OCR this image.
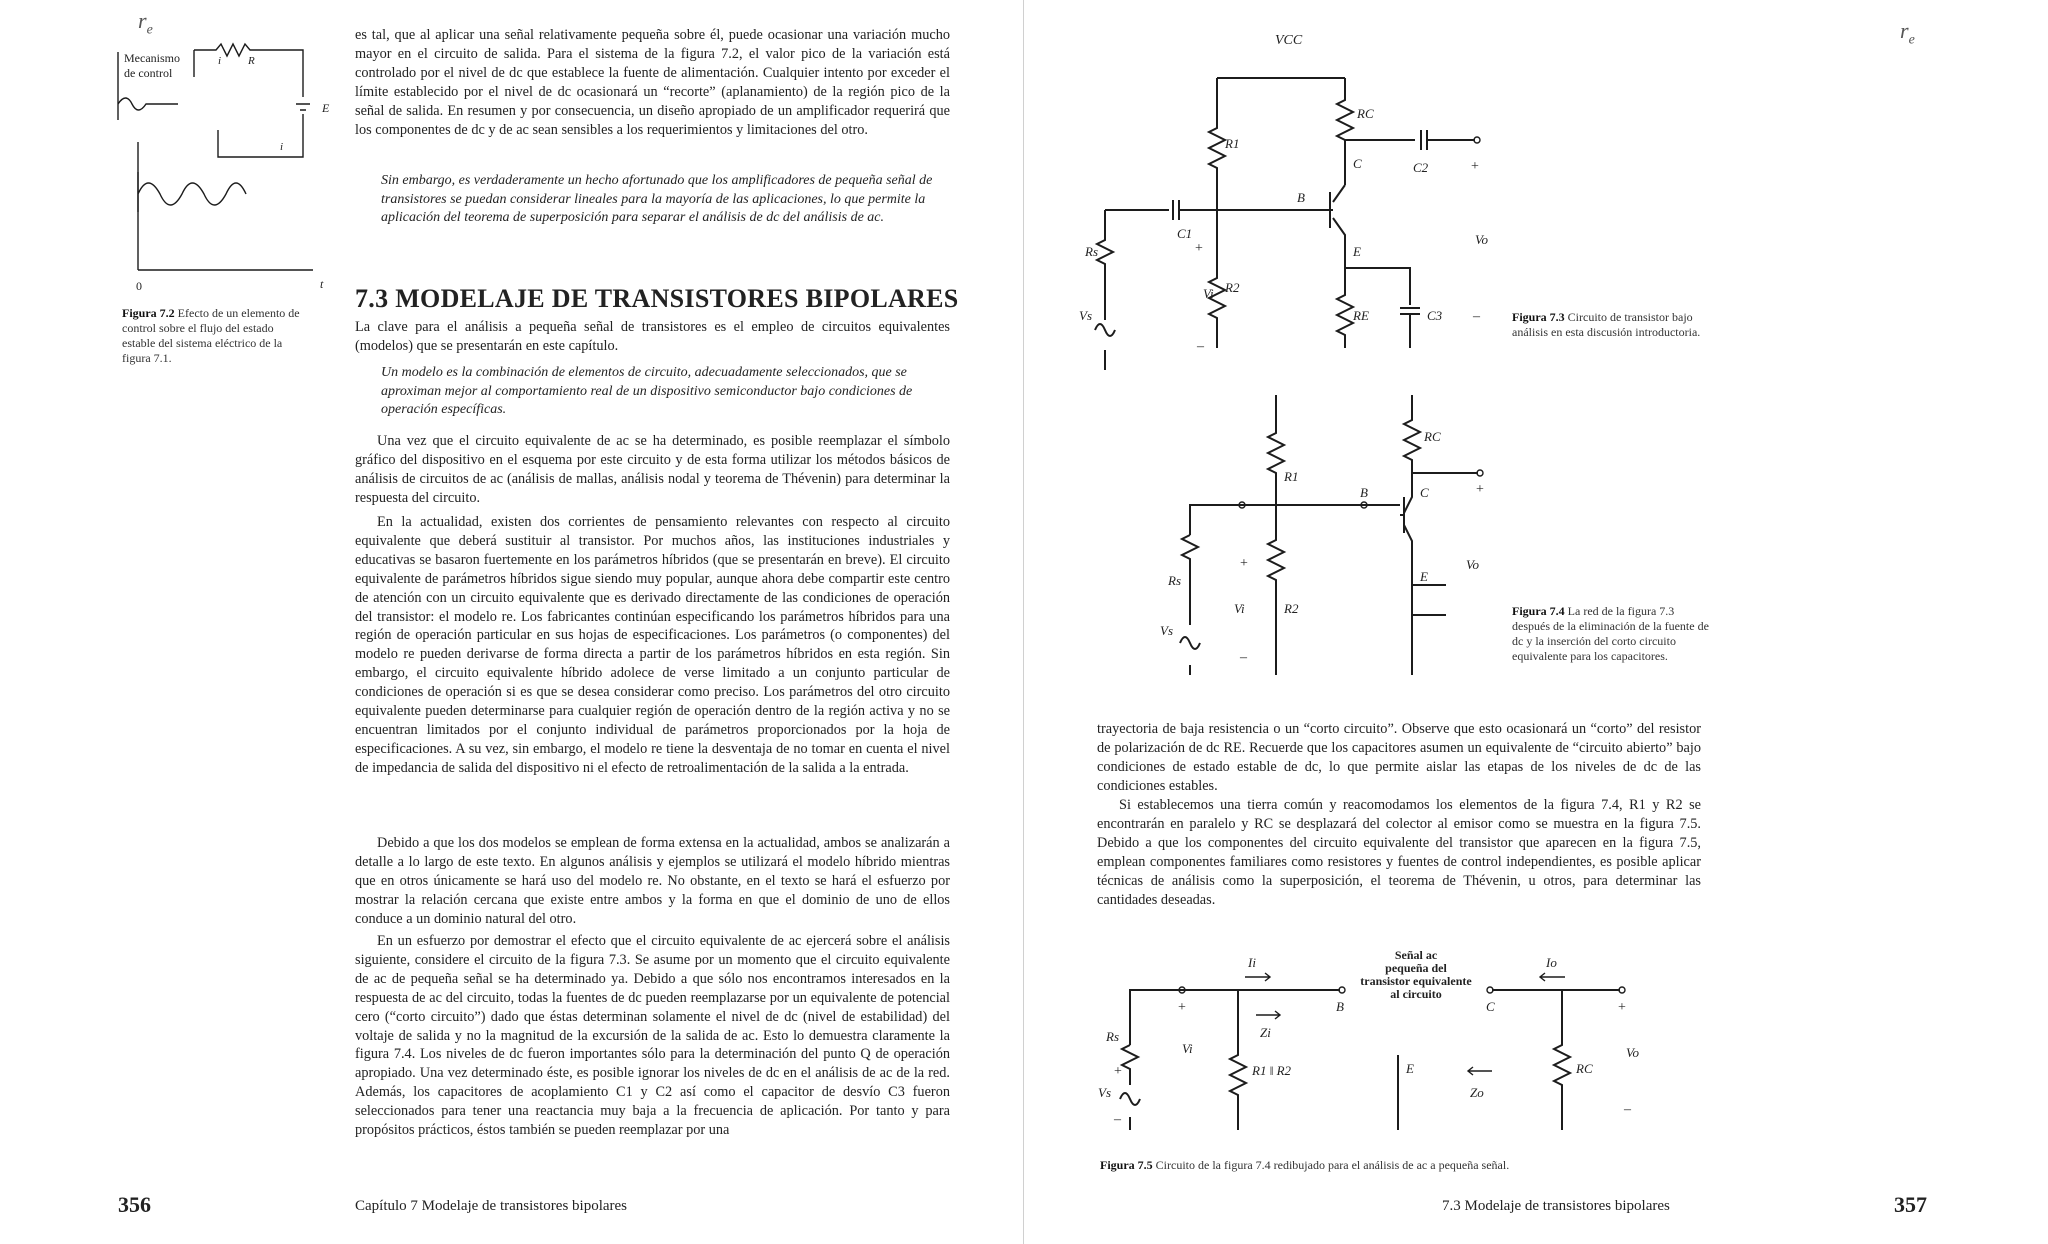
$r_e$
Mecanismo
de control
R
i
E
i
0	t
Figura 7.2 Efecto de un elemento de control sobre el flujo del estado estable del sistema eléctrico de la figura 7.1.

es tal, que al aplicar una señal relativamente pequeña sobre él, puede ocasionar una variación mucho mayor en el circuito de salida. Para el sistema de la figura 7.2, el valor pico de la variación está controlado por el nivel de dc que establece la fuente de alimentación. Cualquier intento por exceder el límite establecido por el nivel de dc ocasionará un “recorte” (aplanamiento) de la región pico de la señal de salida. En resumen y por consecuencia, un diseño apropiado de un amplificador requerirá que los componentes de dc y de ac sean sensibles a los requerimientos y limitaciones del otro.

Sin embargo, es verdaderamente un hecho afortunado que los amplificadores de pequeña señal de transistores se puedan considerar lineales para la mayoría de las aplicaciones, lo que permite la aplicación del teorema de superposición para separar el análisis de dc del análisis de ac.

7.3 MODELAJE DE TRANSISTORES BIPOLARES

La clave para el análisis a pequeña señal de transistores es el empleo de circuitos equivalentes (modelos) que se presentarán en este capítulo.

Un modelo es la combinación de elementos de circuito, adecuadamente seleccionados, que se aproximan mejor al comportamiento real de un dispositivo semiconductor bajo condiciones de operación específicas.

Una vez que el circuito equivalente de ac se ha determinado, es posible reemplazar el símbolo gráfico del dispositivo en el esquema por este circuito y de esta forma utilizar los métodos básicos de análisis de circuitos de ac (análisis de mallas, análisis nodal y teorema de Thévenin) para determinar la respuesta del circuito.

En la actualidad, existen dos corrientes de pensamiento relevantes con respecto al circuito equivalente que deberá sustituir al transistor. Por muchos años, las instituciones industriales y educativas se basaron fuertemente en los parámetros híbridos (que se presentarán en breve). El circuito equivalente de parámetros híbridos sigue siendo muy popular, aunque ahora debe compartir este centro de atención con un circuito equivalente que es derivado directamente de las condiciones de operación del transistor: el modelo re. Los fabricantes continúan especificando los parámetros híbridos para una región de operación particular en sus hojas de especificaciones. Los parámetros (o componentes) del modelo re pueden derivarse de forma directa a partir de los parámetros híbridos en esta región. Sin embargo, el circuito equivalente híbrido adolece de verse limitado a un conjunto particular de condiciones de operación si es que se desea considerar como preciso. Los parámetros del otro circuito equivalente pueden determinarse para cualquier región de operación dentro de la región activa y no se encuentran limitados por el conjunto individual de parámetros proporcionados por la hoja de especificaciones. A su vez, sin embargo, el modelo re tiene la desventaja de no tomar en cuenta el nivel de impedancia de salida del dispositivo ni el efecto de retroalimentación de la salida a la entrada.

Debido a que los dos modelos se emplean de forma extensa en la actualidad, ambos se analizarán a detalle a lo largo de este texto. En algunos análisis y ejemplos se utilizará el modelo híbrido mientras que en otros únicamente se hará uso del modelo re. No obstante, en el texto se hará el esfuerzo por mostrar la relación cercana que existe entre ambos y la forma en que el dominio de uno de ellos conduce a un dominio natural del otro.

En un esfuerzo por demostrar el efecto que el circuito equivalente de ac ejercerá sobre el análisis siguiente, considere el circuito de la figura 7.3. Se asume por un momento que el circuito equivalente de ac de pequeña señal se ha determinado ya. Debido a que sólo nos encontramos interesados en la respuesta de ac del circuito, todas la fuentes de dc pueden reemplazarse por un equivalente de potencial cero (“corto circuito”) dado que éstas determinan solamente el nivel de dc (nivel de estabilidad) del voltaje de salida y no la magnitud de la excursión de la salida de ac. Esto lo demuestra claramente la figura 7.4. Los niveles de dc fueron importantes sólo para la determinación del punto Q de operación apropiado. Una vez determinado éste, es posible ignorar los niveles de dc en el análisis de ac de la red. Además, los capacitores de acoplamiento C1 y C2 así como el capacitor de desvío C3 fueron seleccionados para tener una reactancia muy baja a la frecuencia de aplicación. Por tanto y para propósitos prácticos, éstos también se pueden reemplazar por una

356	Capítulo 7 Modelaje de transistores bipolares
$r_e$
VCC
RC
R1
C	C2	+
B
C1
+
Vi R2
E
RE	C3
Vo
–
Rs
Vs
–
Figura 7.3 Circuito de transistor bajo análisis en esta discusión introductoria.
RC
R1
C	+
B
E
R2
Vi
Vo
+
–
Rs
Vs
Figura 7.4 La red de la figura 7.3 después de la eliminación de la fuente de dc y la inserción del corto circuito equivalente para los capacitores.

trayectoria de baja resistencia o un “corto circuito”. Observe que esto ocasionará un “corto” del resistor de polarización de dc RE. Recuerde que los capacitores asumen un equivalente de “circuito abierto” bajo condiciones de estado estable de dc, lo que permite aislar las etapas de los niveles de dc de las condiciones estables.

Si establecemos una tierra común y reacomodamos los elementos de la figura 7.4, R1 y R2 se encontrarán en paralelo y RC se desplazará del colector al emisor como se muestra en la figura 7.5. Debido a que los componentes del circuito equivalente del transistor que aparecen en la figura 7.5, emplean componentes familiares como resistores y fuentes de control independientes, es posible aplicar técnicas de análisis como la superposición, el teorema de Thévenin, u otros, para determinar las cantidades deseadas.

Señal ac
pequeña del
transistor equivalente
al circuito
Ii	Io
+	B	C	+
Zi
Vi
R1 ‖ R2	E
Zo
RC
Vo
–
Rs
+
Vs
–
Figura 7.5 Circuito de la figura 7.4 redibujado para el análisis de ac a pequeña señal.
7.3 Modelaje de transistores bipolares	357
